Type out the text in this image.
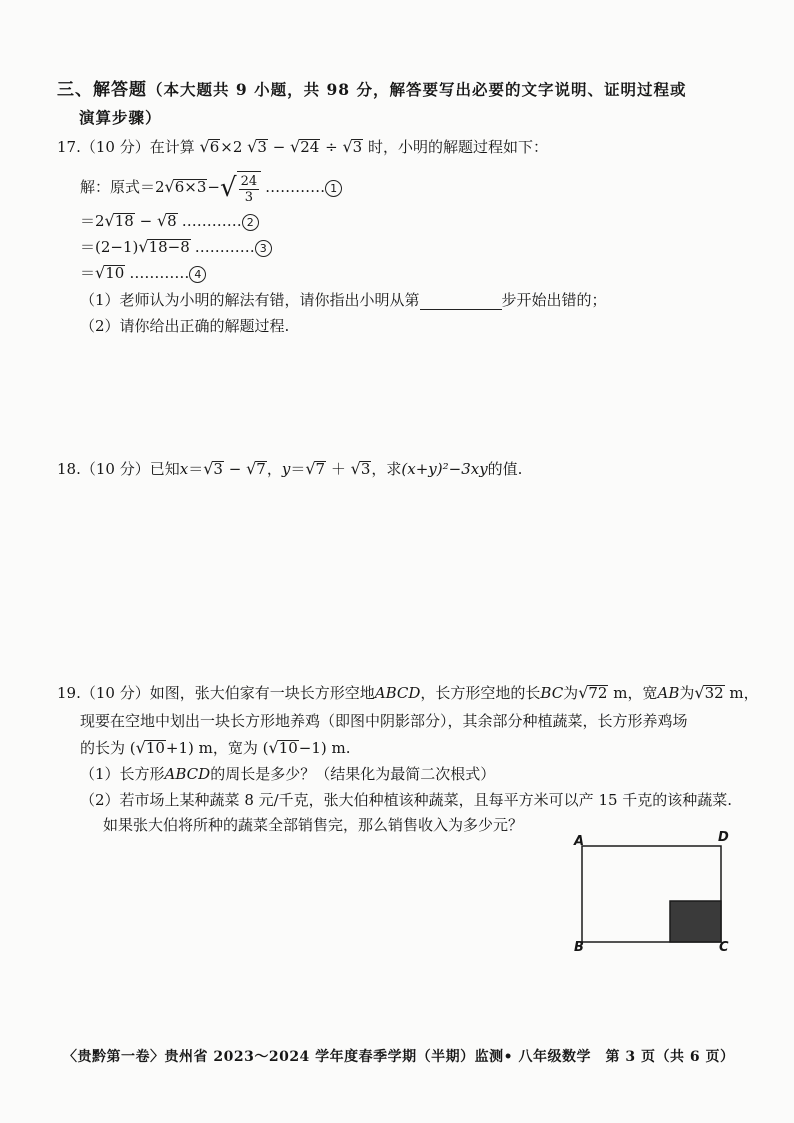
三、解答题（本大题共 9 小题，共 98 分，解答要写出必要的文字说明、证明过程或
演算步骤）
17.（10 分）在计算 √6×2 √3 − √24 ÷ √3 时，小明的解题过程如下：
解：原式$=2√6\times 3-√ \frac{24}{3}$ ………… 1
＝2√18 − √8 ………… 2
＝(2−1)√18−8 ………… 3
＝√10 ………… 4
（1）老师认为小明的解法有错，请你指出小明从第	步开始出错的；
（2）请你给出正确的解题过程.
18.（10 分）已知x＝√3 − √7，y＝√7 ＋ √3，求(x+y)²−3xy的值.
19.（10 分）如图，张大伯家有一块长方形空地ABCD，长方形空地的长BC为√72 m，宽AB为√32 m，
现要在空地中划出一块长方形地养鸡（即图中阴影部分），其余部分种植蔬菜，长方形养鸡场
的长为 (√10+1) m，宽为 (√10−1) m.
（1）长方形ABCD的周长是多少？（结果化为最简二次根式）
（2）若市场上某种蔬菜 8 元/千克，张大伯种植该种蔬菜，且每平方米可以产 15 千克的该种蔬菜.
如果张大伯将所种的蔬菜全部销售完，那么销售收入为多少元？
A	D
B	C
〈贵黔第一卷〉贵州省 2023～2024 学年度春季学期（半期）监测• 八年级数学　第 3 页（共 6 页）
